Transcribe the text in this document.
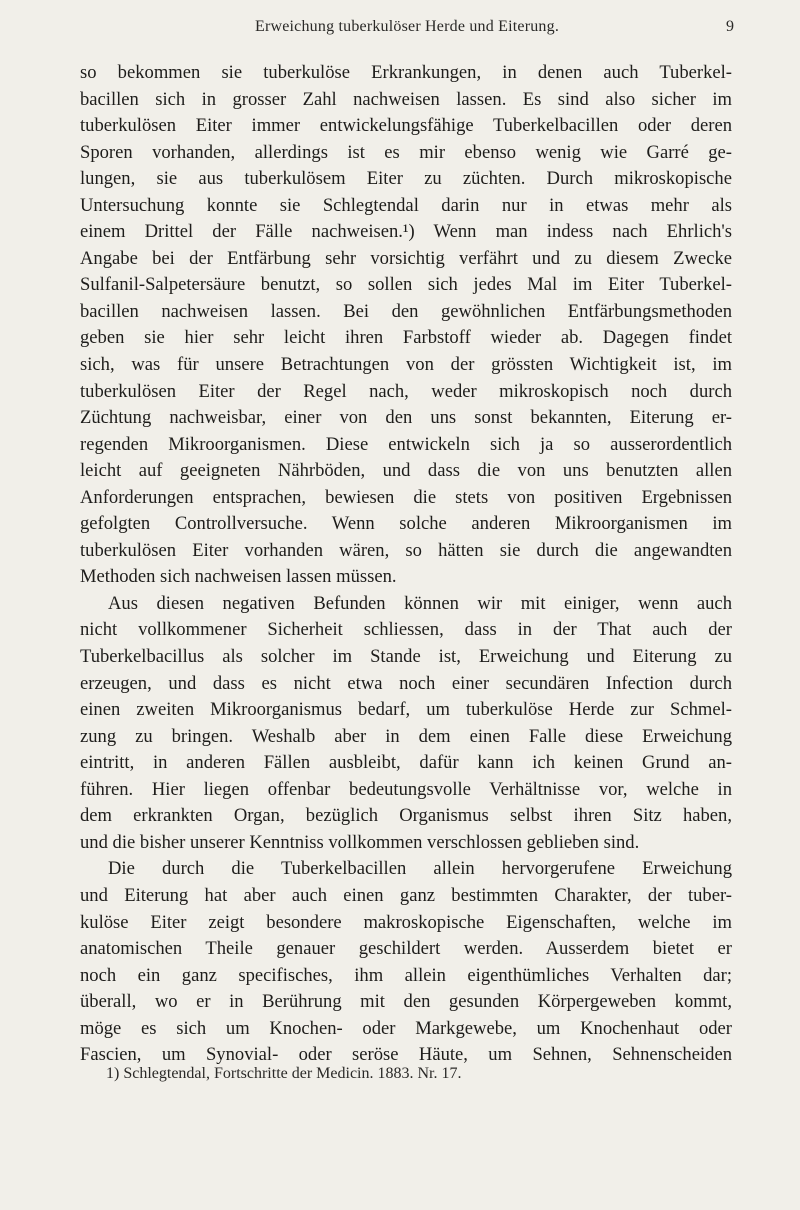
Erweichung tuberkulöser Herde und Eiterung.	9
so bekommen sie tuberkulöse Erkrankungen, in denen auch Tuberkel-
bacillen sich in grosser Zahl nachweisen lassen. Es sind also sicher im
tuberkulösen Eiter immer entwickelungsfähige Tuberkelbacillen oder deren
Sporen vorhanden, allerdings ist es mir ebenso wenig wie Garré ge-
lungen, sie aus tuberkulösem Eiter zu züchten. Durch mikroskopische
Untersuchung konnte sie Schlegtendal darin nur in etwas mehr als
einem Drittel der Fälle nachweisen.¹) Wenn man indess nach Ehrlich's
Angabe bei der Entfärbung sehr vorsichtig verfährt und zu diesem Zwecke
Sulfanil-Salpetersäure benutzt, so sollen sich jedes Mal im Eiter Tuberkel-
bacillen nachweisen lassen. Bei den gewöhnlichen Entfärbungsmethoden
geben sie hier sehr leicht ihren Farbstoff wieder ab. Dagegen findet
sich, was für unsere Betrachtungen von der grössten Wichtigkeit ist, im
tuberkulösen Eiter der Regel nach, weder mikroskopisch noch durch
Züchtung nachweisbar, einer von den uns sonst bekannten, Eiterung er-
regenden Mikroorganismen. Diese entwickeln sich ja so ausserordentlich
leicht auf geeigneten Nährböden, und dass die von uns benutzten allen
Anforderungen entsprachen, bewiesen die stets von positiven Ergebnissen
gefolgten Controllversuche. Wenn solche anderen Mikroorganismen im
tuberkulösen Eiter vorhanden wären, so hätten sie durch die angewandten
Methoden sich nachweisen lassen müssen.
Aus diesen negativen Befunden können wir mit einiger, wenn auch
nicht vollkommener Sicherheit schliessen, dass in der That auch der
Tuberkelbacillus als solcher im Stande ist, Erweichung und Eiterung zu
erzeugen, und dass es nicht etwa noch einer secundären Infection durch
einen zweiten Mikroorganismus bedarf, um tuberkulöse Herde zur Schmel-
zung zu bringen. Weshalb aber in dem einen Falle diese Erweichung
eintritt, in anderen Fällen ausbleibt, dafür kann ich keinen Grund an-
führen. Hier liegen offenbar bedeutungsvolle Verhältnisse vor, welche in
dem erkrankten Organ, bezüglich Organismus selbst ihren Sitz haben,
und die bisher unserer Kenntniss vollkommen verschlossen geblieben sind.
Die durch die Tuberkelbacillen allein hervorgerufene Erweichung
und Eiterung hat aber auch einen ganz bestimmten Charakter, der tuber-
kulöse Eiter zeigt besondere makroskopische Eigenschaften, welche im
anatomischen Theile genauer geschildert werden. Ausserdem bietet er
noch ein ganz specifisches, ihm allein eigenthümliches Verhalten dar;
überall, wo er in Berührung mit den gesunden Körpergeweben kommt,
möge es sich um Knochen- oder Markgewebe, um Knochenhaut oder
Fascien, um Synovial- oder seröse Häute, um Sehnen, Sehnenscheiden
1) Schlegtendal, Fortschritte der Medicin. 1883. Nr. 17.
